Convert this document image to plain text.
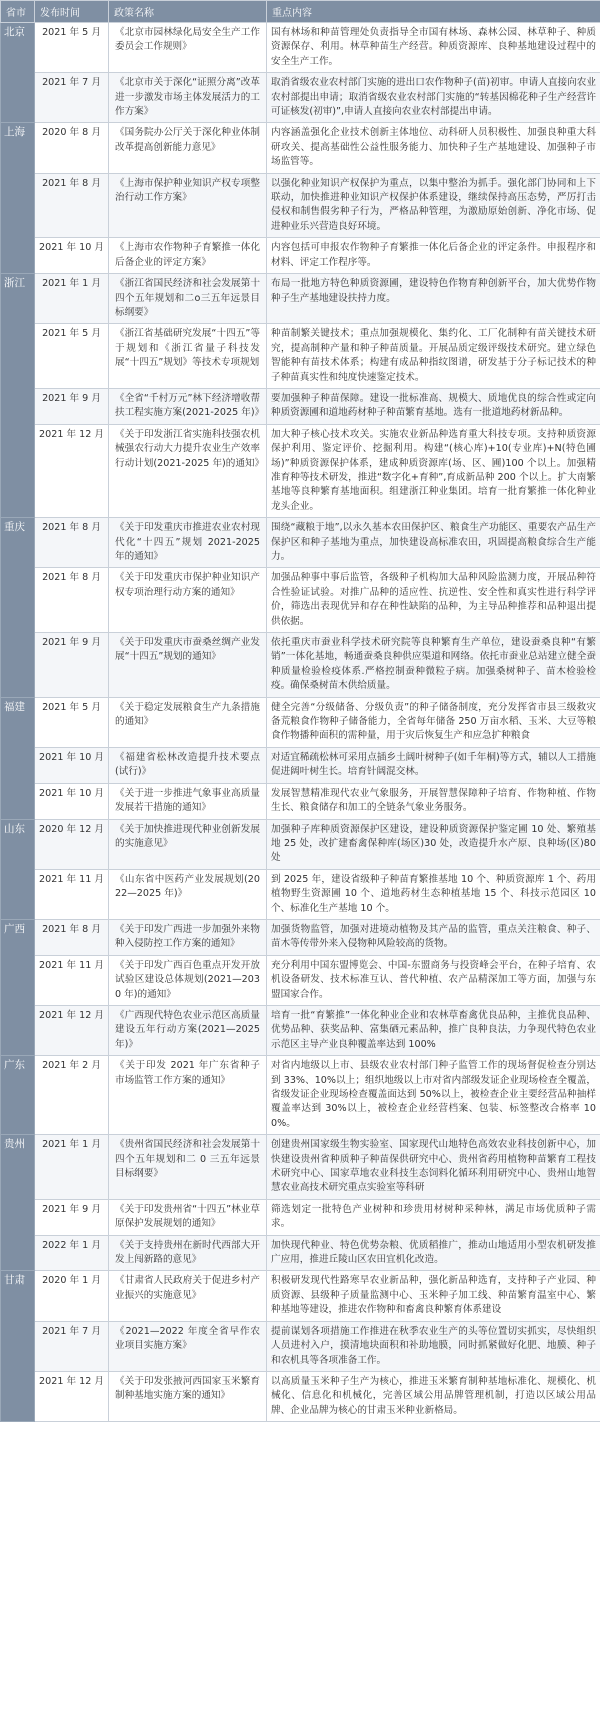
省市	发布时间	政策名称	重点内容
北京	2021 年 5 月	《北京市园林绿化局安全生产工作委员会工作规则》	国有林场和种苗管理处负责指导全市国有林场、森林公园、林草种子、种质资源保存、利用。林草种苗生产经营。种质资源库、良种基地建设过程中的安全生产工作。
	2021 年 7 月	《北京市关于深化“证照分离”改革进一步激发市场主体发展活力的工作方案》	取消省级农业农村部门实施的进出口农作物种子(苗)初审。申请人直接向农业农村部提出申请；取消省级农业农村部门实施的“转基因棉花种子生产经营许可证核发(初审)”,申请人直接向农业农村部提出申请。
上海	2020 年 8 月	《国务院办公厅关于深化种业体制改革提高创新能力意见》	内容涵盖强化企业技术创新主体地位、动科研人员积极性、加强良种重大科研攻关、提高基础性公益性服务能力、加快种子生产基地建设、加强种子市场监管等。
	2021 年 8 月	《上海市保护种业知识产权专项整治行动工作方案》	以强化种业知识产权保护为重点，以集中整治为抓手。强化部门协同和上下联动，加快推进种业知识产权保护体系建设，继续保持高压态势，严厉打击侵权和制售假劣种子行为，严格品种管理，为激励原始创新、净化市场、促进种业乐兴营造良好环境。
	2021 年 10 月	《上海市农作物种子育繁推一体化后备企业的评定方案》	内容包括可申报农作物种子育繁推一体化后备企业的评定条件。申报程序和材料、评定工作程序等。
浙江	2021 年 1 月	《浙江省国民经济和社会发展第十四个五年规划和二o三五年远景目标纲要》	布局一批地方特色种质资源圃，建设特色作物育种创新平台，加大优势作物种子生产基地建设扶持力度。
	2021 年 5 月	《浙江省基础研究发展“十四五”等于规划和《浙江省量子科技发展“十四五”规划》等技术专项规划	种苗制繁关键技术；重点加强规模化、集约化、工厂化制种有苗关键技术研究，提高制种产量和种子种苗质量。开展品质定级评级技术研究。建立绿色智能种有苗技术体系；构建有成品种指纹图谱，研发基于分子标记技术的种子种苗真实性和纯度快速鉴定技术。
	2021 年 9 月	《全省“千村万元”林下经济增收帮扶工程实施方案(2021-2025 年)》	要加强种子种苗保障。建设一批标准高、规模大、质地优良的综合性或定向种质资源圃和道地药材种子种苗繁育基地。选有一批道地药材新品种。
	2021 年 12 月	《关于印发浙江省实施科技强农机械强农行动大力提升农业生产效率行动计划(2021-2025 年)的通知》	加大种子核心技术攻关。实施农业新品种选育重大科技专项。支持种质资源保护利用、鉴定评价、挖掘利用。构建“(核心库)+10(专业库)+N(特色圃场)”种质资源保护体系，建成种质资源库(场、区、圃)100 个以上。加强精准育种等技术研发，推进“数字化+育种”,育成新品种 200 个以上。扩大南繁基地等良种繁育基地面积。组建浙江种业集团。培育一批育繁推一体化种业龙头企业。
重庆	2021 年 8 月	《关于印发重庆市推进农业农村现代化“十四五”规划 2021-2025 年的通知》	围绕“藏粮于地”,以永久基本农田保护区、粮食生产功能区、重要农产品生产保护区和种子基地为重点，加快建设高标准农田，巩固提高粮食综合生产能力。
	2021 年 8 月	《关于印发重庆市保护种业知识产权专项治理行动方案的通知》	加强品种事中事后监管，各级种子机构加大品种风险监测力度，开展品种符合性验证试验。对推广品种的适应性、抗逆性、安全性和真实性进行科学评价，筛选出表现优异和存在种性缺陷的品种，为主导品种推荐和品种退出提供依据。
	2021 年 9 月	《关于印发重庆市蚕桑丝绸产业发展“十四五”规划的通知》	依托重庆市蚕业科学技术研究院等良种繁育生产单位，建设蚕桑良种“有繁销”一体化基地，畅通蚕桑良种供应渠道和网络。依托市蚕业总站建立健全蚕种质量检验检疫体系.严格控制蚕种微粒子病。加强桑树种子、苗木检验检疫。确保桑树苗木供给质量。
福建	2021 年 5 月	《关于稳定发展粮食生产九条措施的通知》	健全完善“分级储备、分级负责”的种子储备制度，充分发挥省市县三级救灾备荒粮食作物种子储备能力，全省每年储备 250 万亩水稻、玉米、大豆等粮食作物播种面积的需种量，用于灾后恢复生产和应急扩种粮食
	2021 年 10 月	《福建省松林改造提升技术要点(试行)》	对适宜稀疏松林可采用点插乡土阔叶树种子(如千年桐)等方式，辅以人工措施促进阔叶树生长。培育针阔混交林。
	2021 年 10 月	《关于进一步推进气象事业高质量发展若干措施的通知》	发展智慧精准现代农业气象服务，开展智慧保障种子培育、作物种植、作物生长、粮食储存和加工的全链条气象业务服务。
山东	2020 年 12 月	《关于加快推进现代种业创新发展的实施意见》	加强种子库种质资源保护区建设，建设种质资源保护鉴定圃 10 处、繁殖基地 25 处，改扩建畜禽保种库(场区)30 处，改造提升水产原、良种场(区)80 处
	2021 年 11 月	《山东省中医药产业发展规划(2022—2025 年)》	到 2025 年，建设省级种子种苗育繁推基地 10 个、种质资源库 1 个、药用植物野生资源圃 10 个、道地药材生态种植基地 15 个、科技示范园区 10 个、标准化生产基地 10 个。
广西	2021 年 8 月	《关于印发广西进一步加强外来物种入侵防控工作方案的通知》	加强货物监管，加强对进境动植物及其产品的监管，重点关注粮食、种子、苗木等传带外来入侵物种风险较高的货物。
	2021 年 11 月	《关于印发广西百色重点开发开放试验区建设总体规划(2021—2030 年)的通知》	充分利用中国东盟博览会、中国-东盟商务与投资峰会平台，在种子培育、农机设备研发、技术标准互认、普代种植、农产品精深加工等方面，加强与东盟国家合作。
	2021 年 12 月	《广西现代特色农业示范区高质量建设五年行动方案(2021—2025 年)》	培育一批“育繁推”一体化种业企业和农林草畜禽优良品种，主推优良品种、优势品种、获奖品种、富集硒元素品种，推广良种良法，力争现代特色农业示范区主导产业良种覆盖率达到 100%
广东	2021 年 2 月	《关于印发 2021 年广东省种子市场监管工作方案的通知》	对省内地级以上市、县级农业农村部门种子监管工作的现场督促检查分别达到 33%、10%以上；组织地级以上市对省内部级发证企业现场检查全覆盖，省级发证企业现场检查覆盖面达到 50%以上，被检查企业主要经营品种抽样覆盖率达到 30%以上，被检查企业经营档案、包装、标签整改合格率 100%。
贵州	2021 年 1 月	《贵州省国民经济和社会发展第十四个五年规划和二 0 三五年远景目标纲要》	创建贵州国家级生物实验室、国家现代山地特色高效农业科技创新中心，加快建设贵州省种质种子种苗保供研究中心、贵州省药用植物种苗繁育工程技术研究中心、国家草地农业科技生态饲料化循环利用研究中心、贵州山地智慧农业高技术研究重点实验室等科研
	2021 年 9 月	《关于印发贵州省“十四五”林业草原保护发展规划的通知》	筛选划定一批特色产业树种和珍贵用材树种采种林，满足市场优质种子需求。
	2022 年 1 月	《关于支持贵州在新时代西部大开发上闯新路的意见》	加快现代种业、特色优势杂粮、优质稻推广，推动山地适用小型农机研发推广应用，推进丘陵山区农田宜机化改造。
甘肃	2020 年 1 月	《甘肃省人民政府关于促进乡村产业振兴的实施意见》	积极研发现代性路寒旱农业新品种，强化新品种选育，支持种子产业园、种质资源、县级种子质量监测中心、玉米种子加工线、种苗繁育温室中心、繁种基地等建设，推进农作物种和畜禽良种繁育体系建设
	2021 年 7 月	《2021—2022 年度全省早作农业项目实施方案》	提前谋划各项措施工作推进在秋季农业生产的头等位置切实抓实，尽快组织人员进村入户，摸清地块面积和补助地膜，同时抓紧做好化肥、地膜、种子和农机具等各项准备工作。
	2021 年 12 月	《关于印发张掖河西国家玉米繁育制种基地实施方案的通知》	以高质量玉米种子生产为核心，推进玉米繁育制种基地标准化、规模化、机械化、信息化和机械化，完善区域公用品牌管理机制，打造以区域公用品牌、企业品牌为核心的甘肃玉米种业新格局。
